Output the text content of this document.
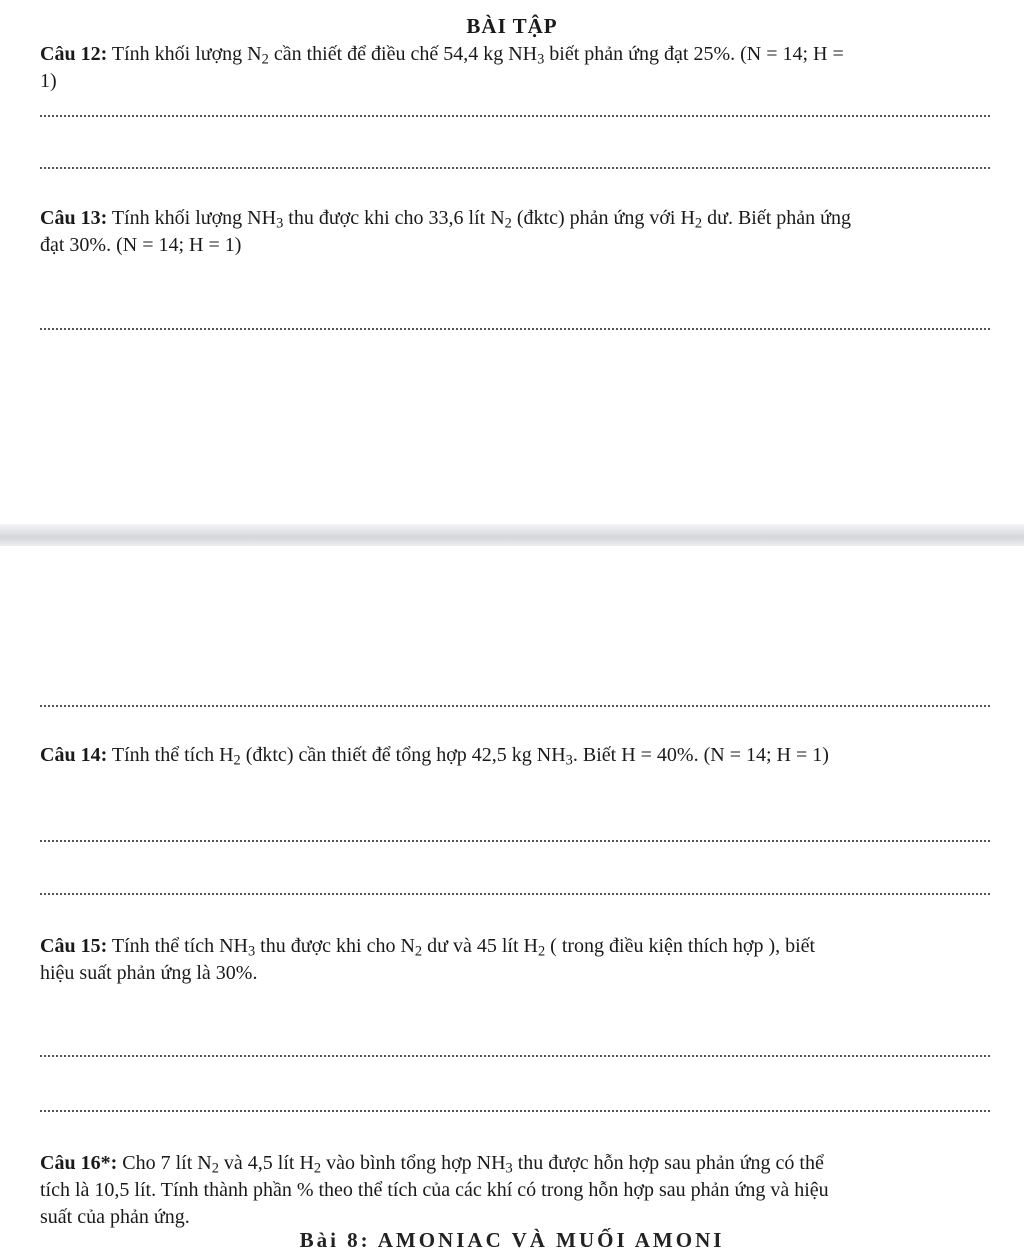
BÀI TẬP
Câu 12: Tính khối lượng $N_2$ cần thiết để điều chế 54,4 kg $NH_3$ biết phản ứng đạt 25%. (N = 14; H =
1)
Câu 13: Tính khối lượng $NH_3$ thu được khi cho 33,6 lít $N_2$ (đktc) phản ứng với $H_2$ dư. Biết phản ứng
đạt 30%. (N = 14; H = 1)
Câu 14: Tính thể tích $H_2$ (đktc) cần thiết để tổng hợp 42,5 kg $NH_3$. Biết H = 40%. (N = 14; H = 1)
Câu 15: Tính thể tích $NH_3$ thu được khi cho $N_2$ dư và 45 lít $H_2$ ( trong điều kiện thích hợp ), biết
hiệu suất phản ứng là 30%.
Câu 16*: Cho 7 lít $N_2$ và 4,5 lít $H_2$ vào bình tổng hợp $NH_3$ thu được hỗn hợp sau phản ứng có thể
tích là 10,5 lít. Tính thành phần % theo thể tích của các khí có trong hỗn hợp sau phản ứng và hiệu
suất của phản ứng.
Bài 8: AMONIAC VÀ MUỐI AMONI
